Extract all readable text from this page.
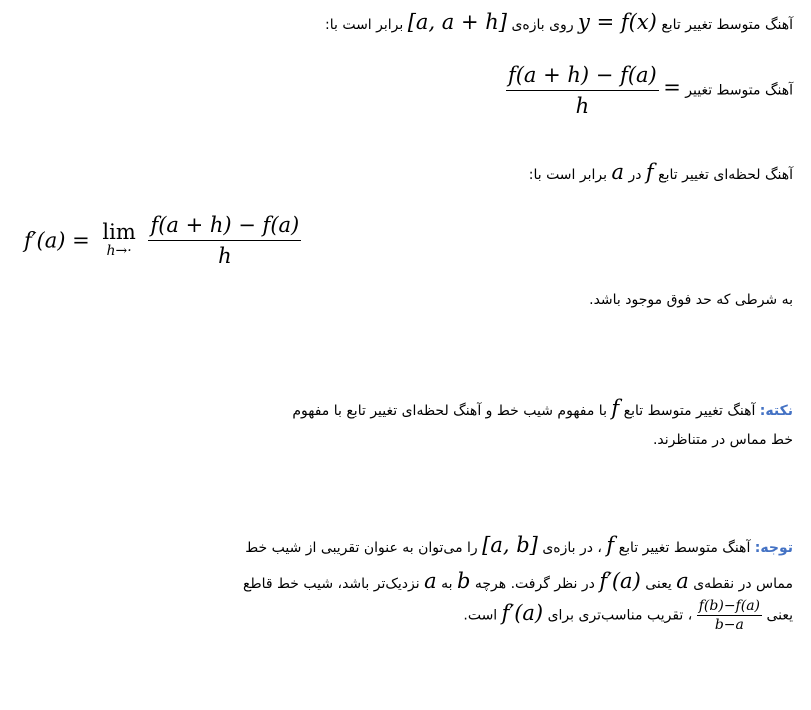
آهنگ متوسط تغییر تابع y = f(x) روی بازه‌ی [a, a + h] برابر است با:
آهنگ متوسط تغییر =
$\frac{f(a + h) - f(a)}{h}$
آهنگ لحظه‌ای تغییر تابع f در a برابر است با:
f′(a) = lim
h→·
$\frac{f(a + h) - f(a)}{h}$
به شرطی که حد فوق موجود باشد.
نکته: آهنگ تغییر متوسط تابع f با مفهوم شیب خط و آهنگ لحظه‌ای تغییر تابع با مفهوم
خط مماس در متناظرند.
توجه: آهنگ متوسط تغییر تابع f ، در بازه‌ی [a, b] را می‌توان به عنوان تقریبی از شیب خط
مماس در نقطه‌ی a یعنی f′(a) در نظر گرفت. هرچه b به a نزدیک‌تر باشد، شیب خط قاطع
یعنی
$\frac{f(b)-f(a)}{b-a}$
، تقریب مناسب‌تری برای f′(a) است.
